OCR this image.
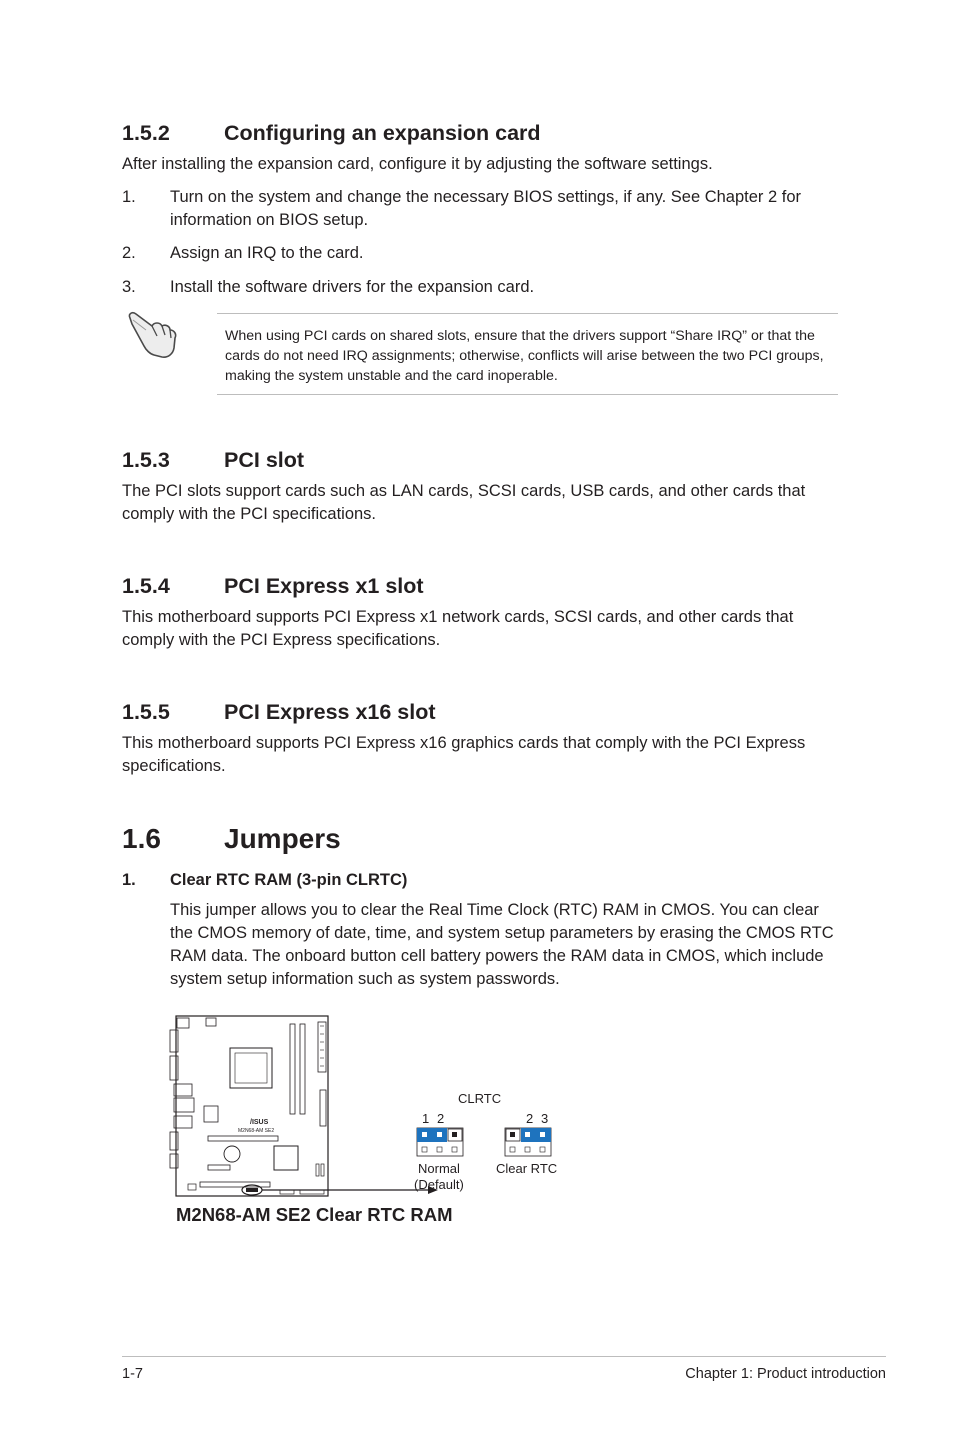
1.5.2	Configuring an expansion card
After installing the expansion card, configure it by adjusting the software settings.
1. Turn on the system and change the necessary BIOS settings, if any. See Chapter 2 for information on BIOS setup.
2. Assign an IRQ to the card.
3. Install the software drivers for the expansion card.
When using PCI cards on shared slots, ensure that the drivers support “Share IRQ” or that the cards do not need IRQ assignments; otherwise, conflicts will arise between the two PCI groups, making the system unstable and the card inoperable.
1.5.3	PCI slot
The PCI slots support cards such as LAN cards, SCSI cards, USB cards, and other cards that comply with the PCI specifications.
1.5.4	PCI Express x1 slot
This motherboard supports PCI Express x1 network cards, SCSI cards, and other cards that comply with the PCI Express specifications.
1.5.5	PCI Express x16 slot
This motherboard supports PCI Express x16 graphics cards that comply with the PCI Express specifications.
1.6 Jumpers
1. Clear RTC RAM (3-pin CLRTC)
This jumper allows you to clear the Real Time Clock (RTC) RAM in CMOS. You can clear the CMOS memory of date, time, and system setup parameters by erasing the CMOS RTC RAM data. The onboard button cell battery powers the RAM data in CMOS, which include system setup information such as system passwords.
/ISUS
M2N68-AM SE2
CLRTC
1 2
Normal
(Default)
2 3
Clear RTC
M2N68-AM SE2 Clear RTC RAM
1-7	Chapter 1: Product introduction
